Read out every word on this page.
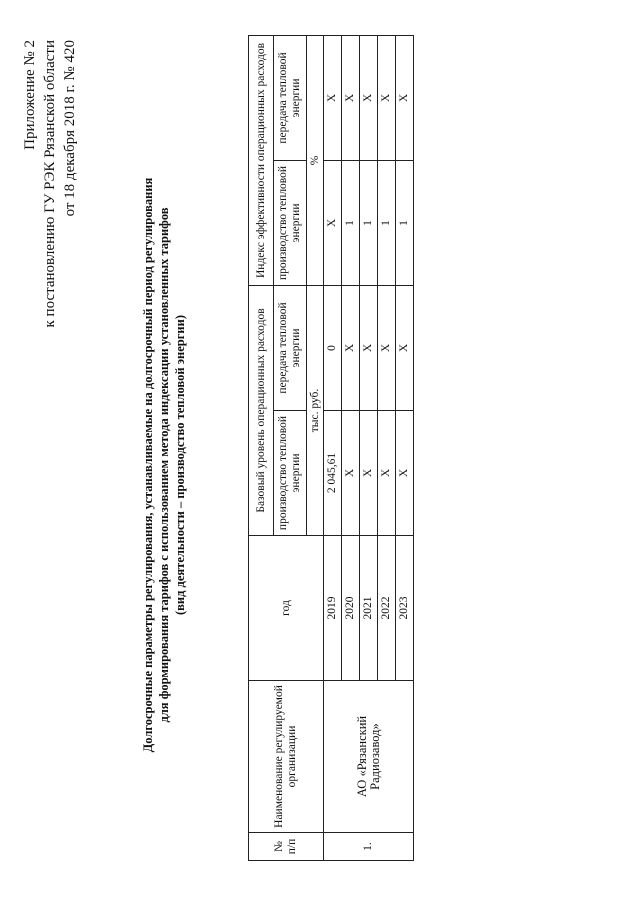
Приложение № 2 к постановлению ГУ РЭК Рязанской области от 18 декабря 2018 г. № 420
Долгосрочные параметры регулирования, устанавливаемые на долгосрочный период регулирования для формирования тарифов с использованием метода индексации установленных тарифов (вид деятельности – производство тепловой энергии)
№ п/п	Наименование регулируемой организации	год	Базовый уровень операционных расходов		Индекс эффективности операционных расходов	
			производство тепловой энергии	передача тепловой энергии	производство тепловой энергии	передача тепловой энергии
			тыс. руб.		%	
1.	АО «Рязанский Радиозавод»	2019	2 045,61	0	X	X
		2020	X	X	1	X
		2021	X	X	1	X
		2022	X	X	1	X
		2023	X	X	1	X
